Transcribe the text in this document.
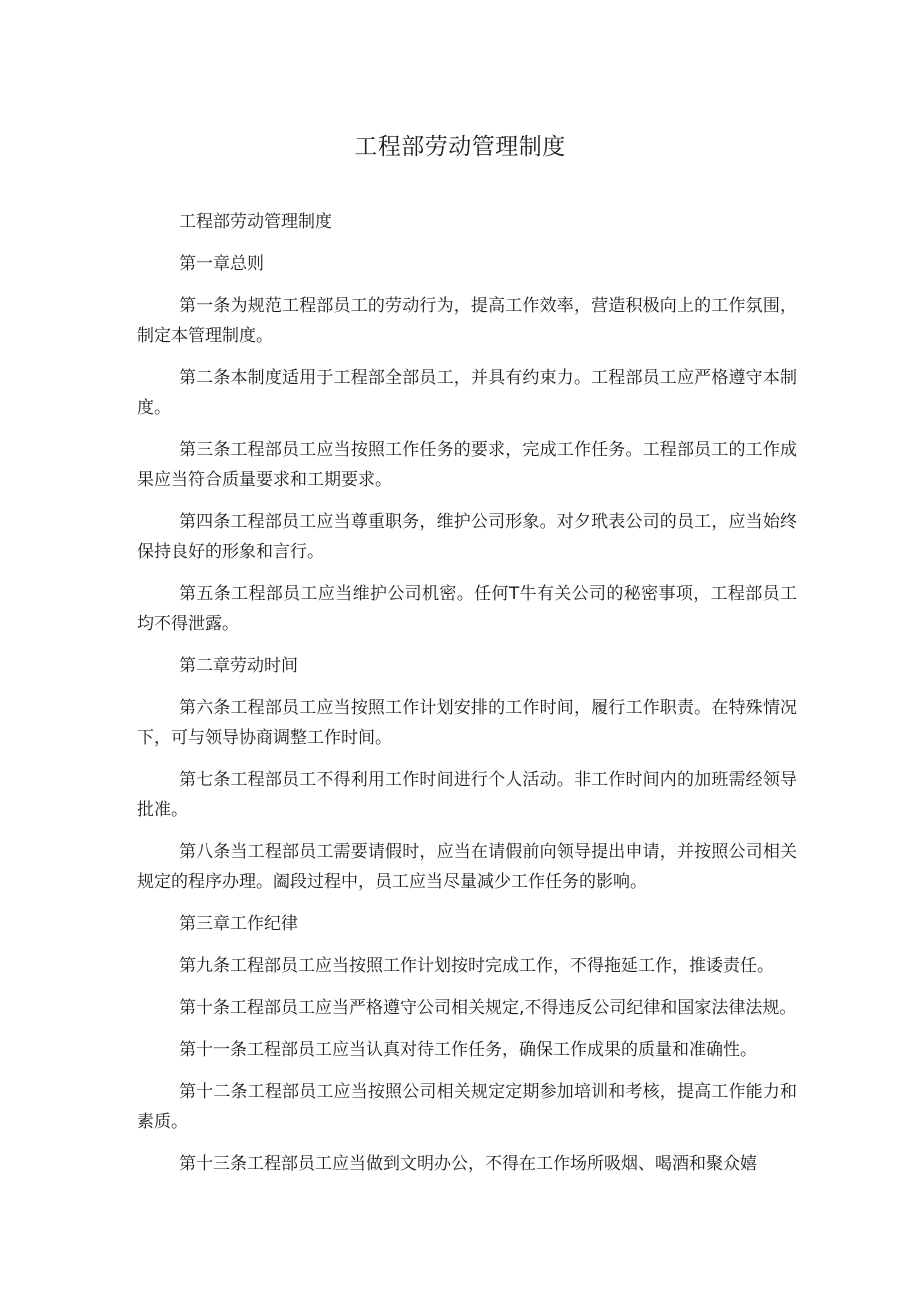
工程部劳动管理制度

工程部劳动管理制度

第一章总则

第一条为规范工程部员工的劳动行为，提高工作效率，营造积极向上的工作氛围，制定本管理制度。

第二条本制度适用于工程部全部员工，并具有约束力。工程部员工应严格遵守本制度。

第三条工程部员工应当按照工作任务的要求，完成工作任务。工程部员工的工作成果应当符合质量要求和工期要求。

第四条工程部员工应当尊重职务，维护公司形象。对夕玳表公司的员工，应当始终保持良好的形象和言行。

第五条工程部员工应当维护公司机密。任何T牛有关公司的秘密事项，工程部员工均不得泄露。

第二章劳动时间

第六条工程部员工应当按照工作计划安排的工作时间，履行工作职责。在特殊情况下，可与领导协商调整工作时间。

第七条工程部员工不得利用工作时间进行个人活动。非工作时间内的加班需经领导批准。

第八条当工程部员工需要请假时，应当在请假前向领导提出申请，并按照公司相关规定的程序办理。阖段过程中，员工应当尽量减少工作任务的影响。

第三章工作纪律

第九条工程部员工应当按照工作计划按时完成工作，不得拖延工作，推诿责任。

第十条工程部员工应当严格遵守公司相关规定,不得违反公司纪律和国家法律法规。

第十一条工程部员工应当认真对待工作任务，确保工作成果的质量和准确性。

第十二条工程部员工应当按照公司相关规定定期参加培训和考核，提高工作能力和素质。

第十三条工程部员工应当做到文明办公，不得在工作场所吸烟、喝酒和聚众嬉
